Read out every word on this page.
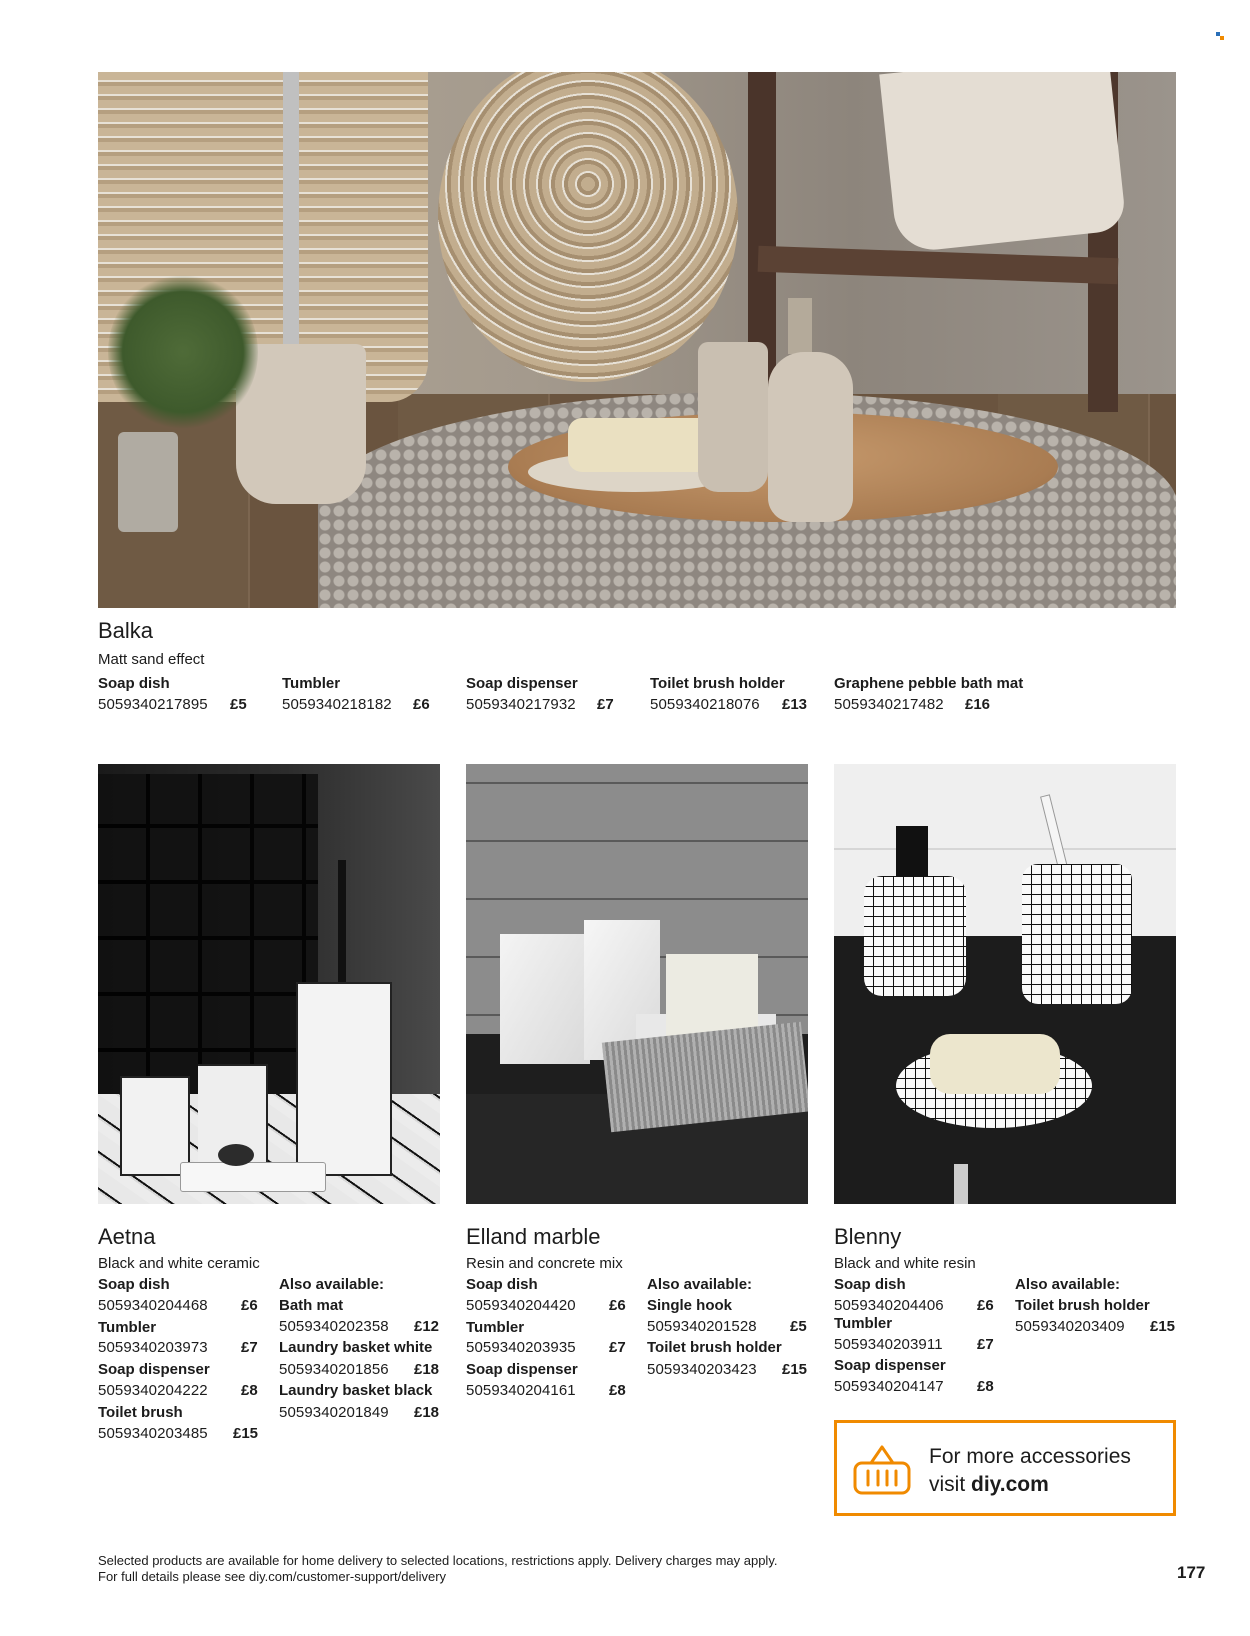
Balka
Matt sand effect
Soap dish
5059340217895 £5
Tumbler
5059340218182 £6
Soap dispenser
5059340217932 £7
Toilet brush holder
5059340218076 £13
Graphene pebble bath mat
5059340217482 £16
Aetna
Black and white ceramic
Soap dish
5059340204468 £6
Tumbler
5059340203973 £7
Soap dispenser
5059340204222 £8
Toilet brush
5059340203485 £15
Also available:
Bath mat
5059340202358 £12
Laundry basket white
5059340201856 £18
Laundry basket black
5059340201849 £18
Elland marble
Resin and concrete mix
Soap dish
5059340204420 £6
Tumbler
5059340203935 £7
Soap dispenser
5059340204161 £8
Also available:
Single hook
5059340201528 £5
Toilet brush holder
5059340203423 £15
Blenny
Black and white resin
Soap dish
5059340204406 £6
Tumbler
5059340203911 £7
Soap dispenser
5059340204147 £8
Also available:
Toilet brush holder
5059340203409 £15
For more accessories
visit diy.com
Selected products are available for home delivery to selected locations, restrictions apply. Delivery charges may apply.
For full details please see diy.com/customer-support/delivery	177
